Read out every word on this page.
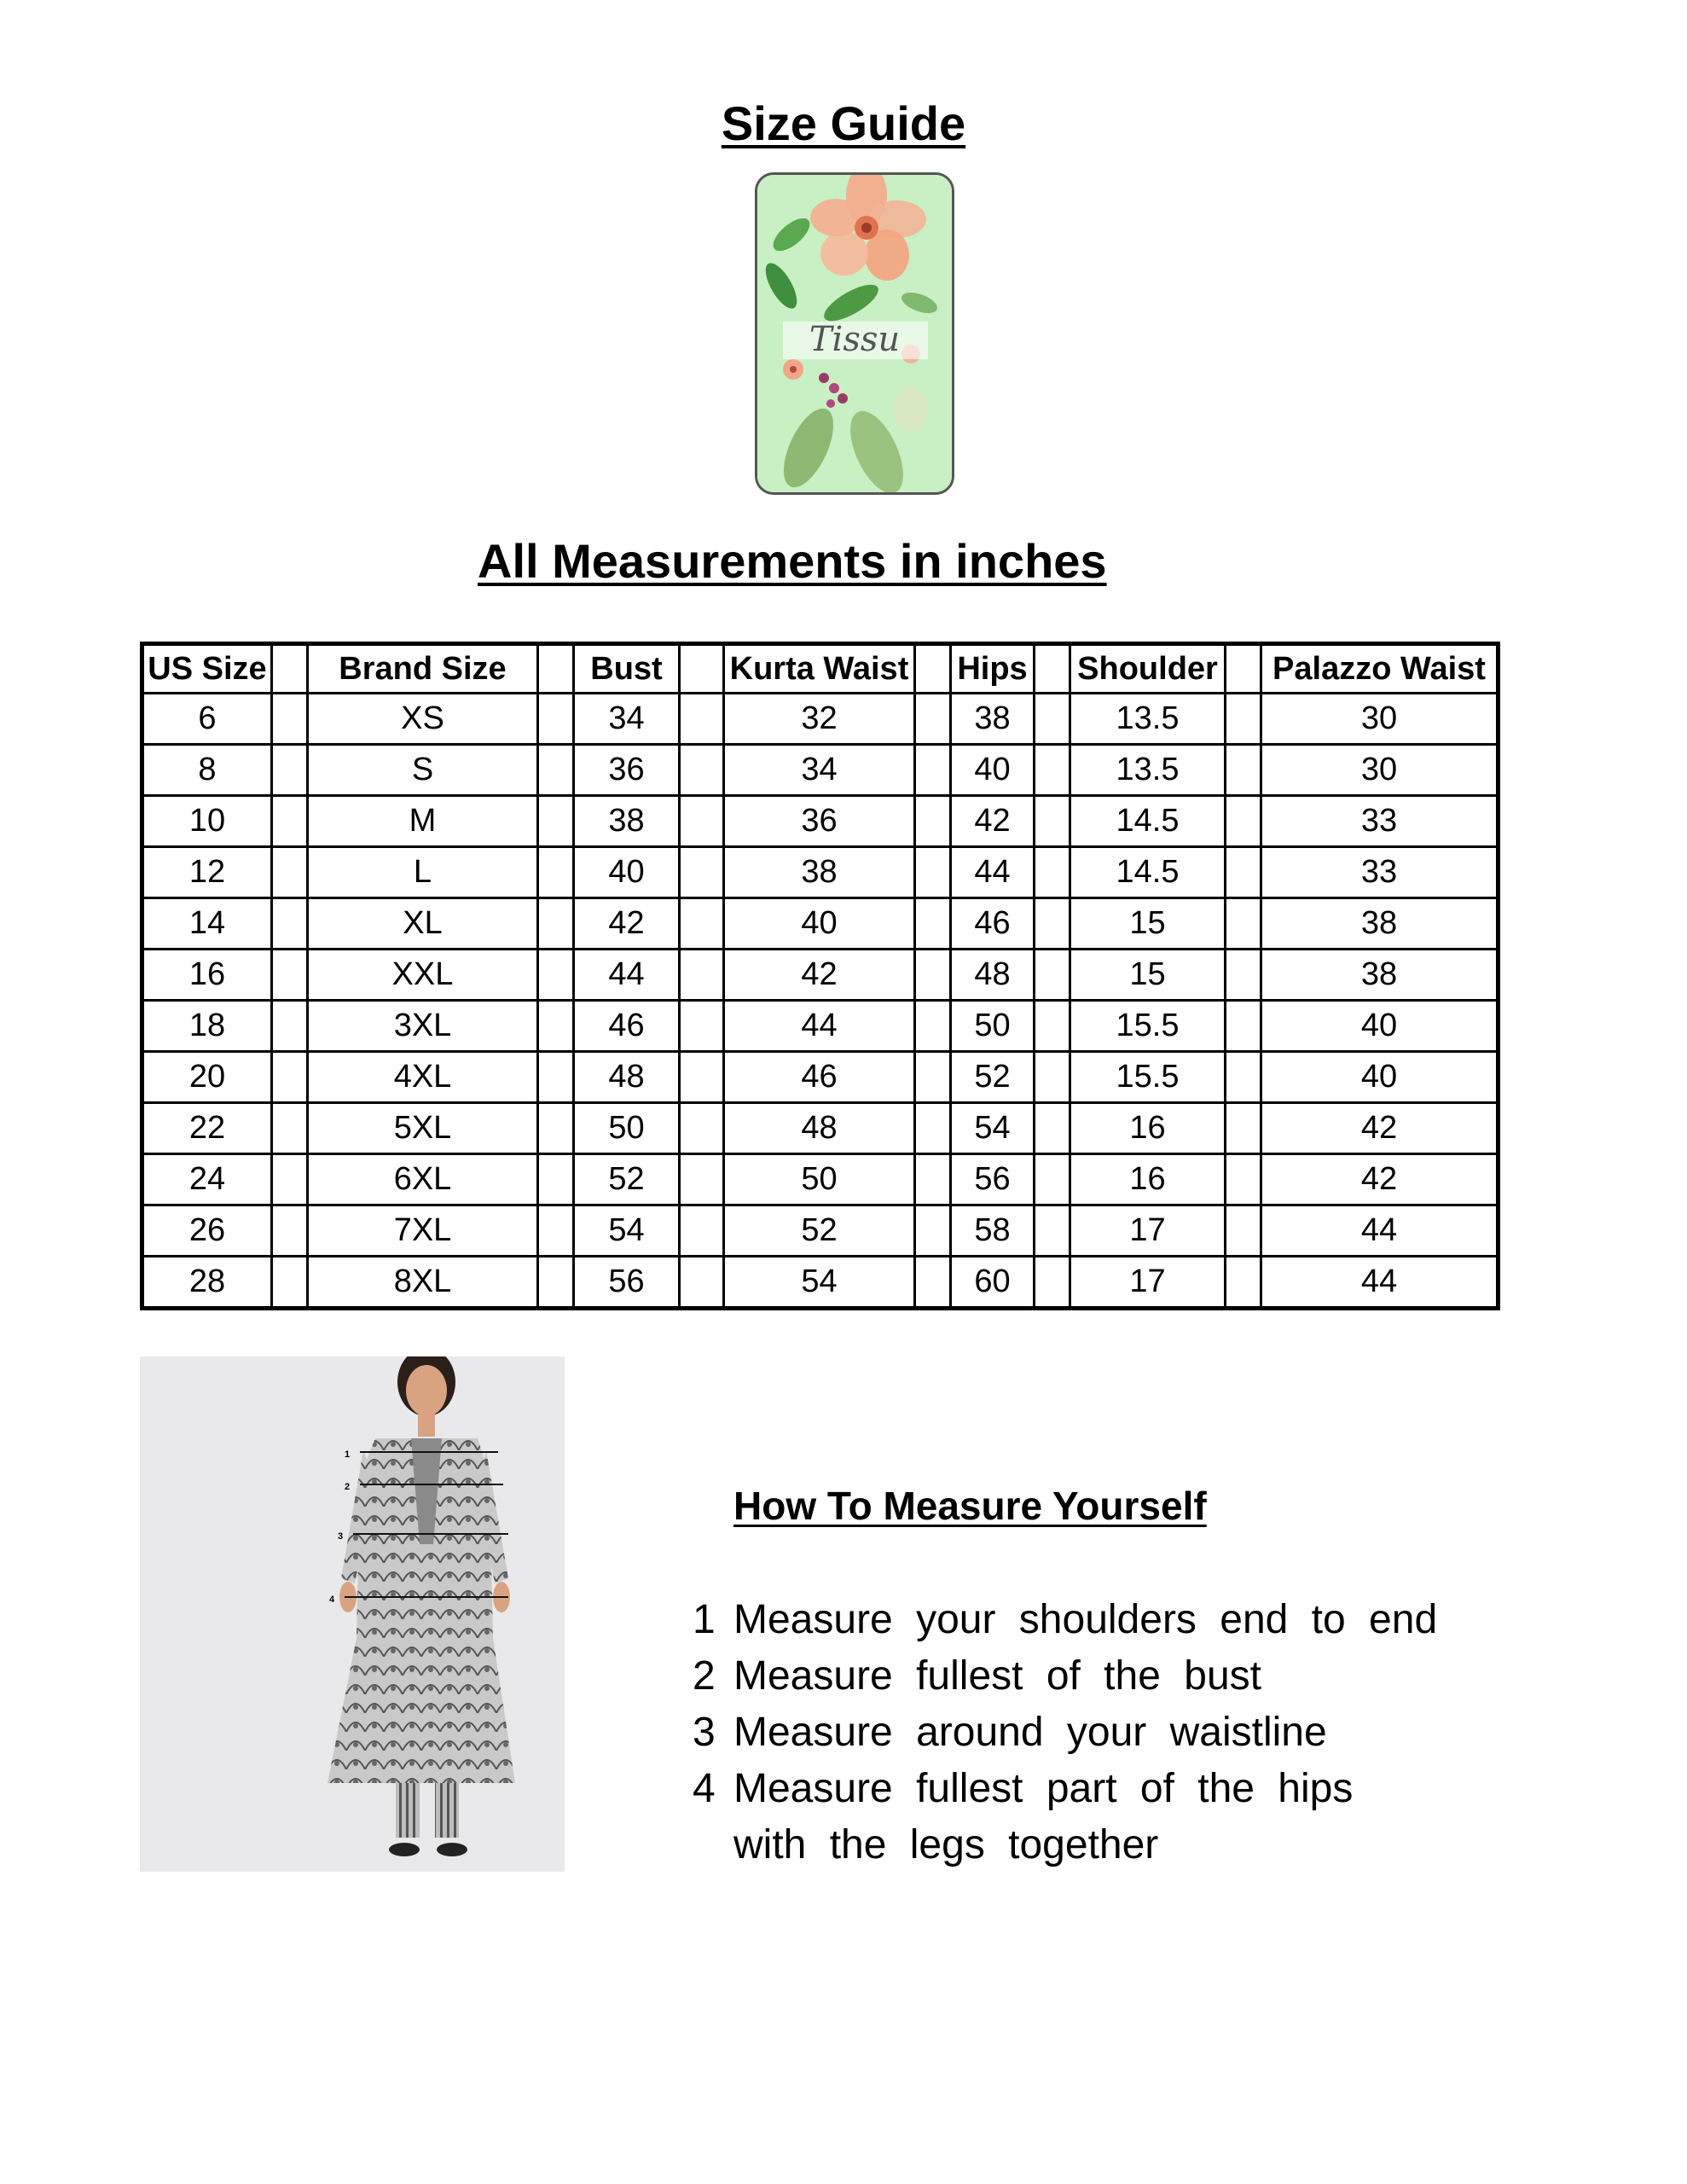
Size Guide
Tissu
All Measurements in inches
US Size		Brand Size		Bust		Kurta Waist		Hips		Shoulder		Palazzo Waist
6		XS		34		32		38		13.5		30
8		S		36		34		40		13.5		30
10		M		38		36		42		14.5		33
12		L		40		38		44		14.5		33
14		XL		42		40		46		15		38
16		XXL		44		42		48		15		38
18		3XL		46		44		50		15.5		40
20		4XL		48		46		52		15.5		40
22		5XL		50		48		54		16		42
24		6XL		52		50		56		16		42
26		7XL		54		52		58		17		44
28		8XL		56		54		60		17		44
1
2
3
4
How To Measure Yourself
1 Measure your shoulders end to end
2 Measure fullest of the bust
3 Measure around your waistline
4 Measure fullest part of the hips
with the legs together
